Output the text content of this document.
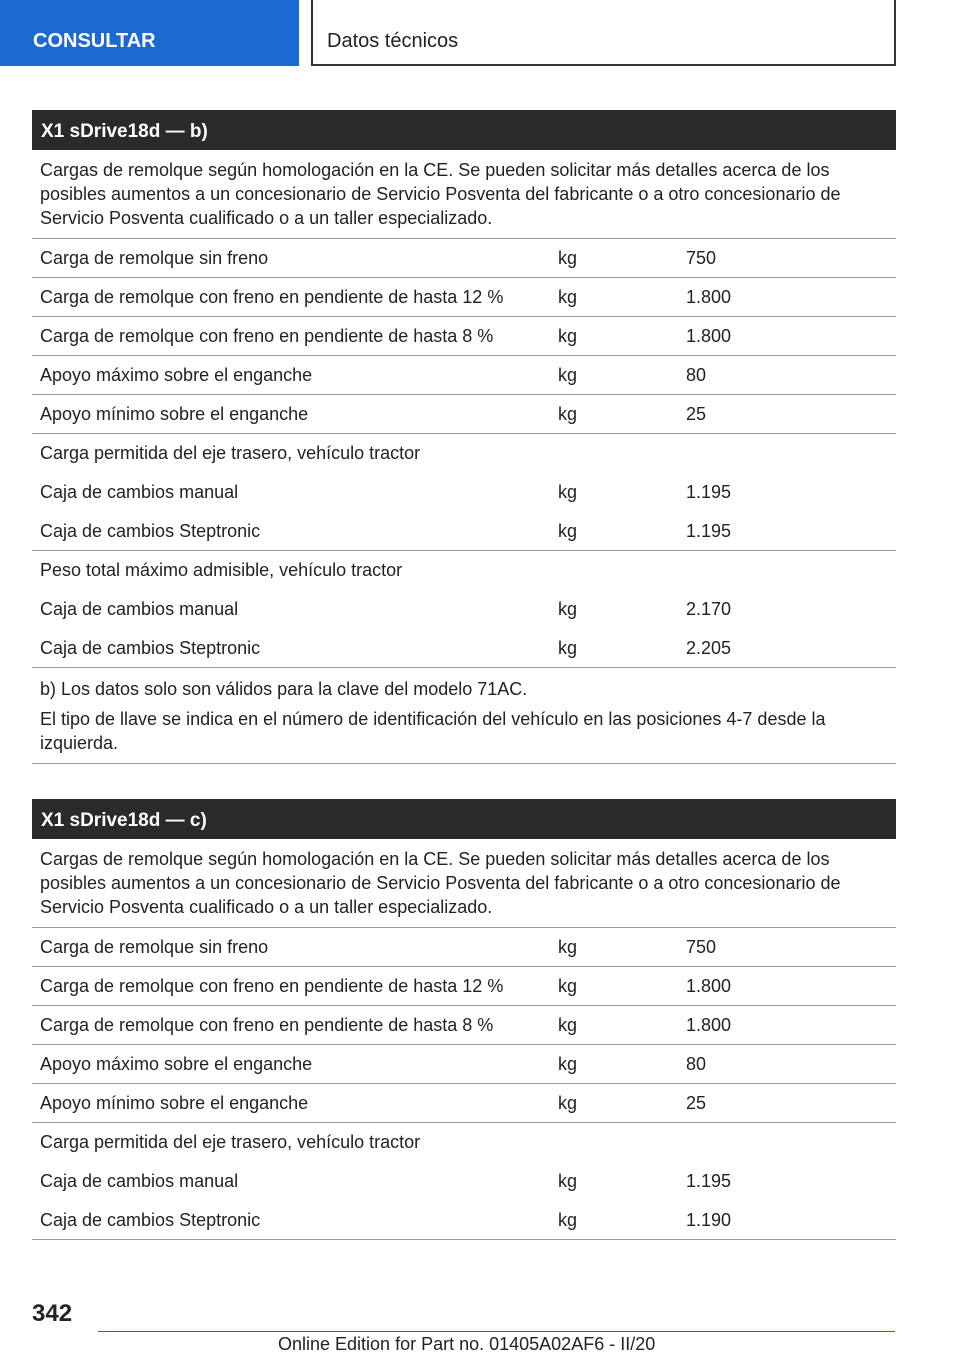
CONSULTAR	Datos técnicos
X1 sDrive18d — b)
Cargas de remolque según homologación en la CE. Se pueden solicitar más detalles acerca de los posibles aumentos a un concesionario de Servicio Posventa del fabricante o a otro concesionario de Servicio Posventa cualificado o a un taller especializado.
Carga de remolque sin freno	kg	750
Carga de remolque con freno en pendiente de hasta 12 %	kg	1.800
Carga de remolque con freno en pendiente de hasta 8 %	kg	1.800
Apoyo máximo sobre el enganche	kg	80
Apoyo mínimo sobre el enganche	kg	25
Carga permitida del eje trasero, vehículo tractor
Caja de cambios manual	kg	1.195
Caja de cambios Steptronic	kg	1.195
Peso total máximo admisible, vehículo tractor
Caja de cambios manual	kg	2.170
Caja de cambios Steptronic	kg	2.205

b) Los datos solo son válidos para la clave del modelo 71AC.

El tipo de llave se indica en el número de identificación del vehículo en las posiciones 4-7 desde la izquierda.

X1 sDrive18d — c)
Cargas de remolque según homologación en la CE. Se pueden solicitar más detalles acerca de los posibles aumentos a un concesionario de Servicio Posventa del fabricante o a otro concesionario de Servicio Posventa cualificado o a un taller especializado.
Carga de remolque sin freno	kg	750
Carga de remolque con freno en pendiente de hasta 12 %	kg	1.800
Carga de remolque con freno en pendiente de hasta 8 %	kg	1.800
Apoyo máximo sobre el enganche	kg	80
Apoyo mínimo sobre el enganche	kg	25
Carga permitida del eje trasero, vehículo tractor
Caja de cambios manual	kg	1.195
Caja de cambios Steptronic	kg	1.190
342
Online Edition for Part no. 01405A02AF6 - II/20
